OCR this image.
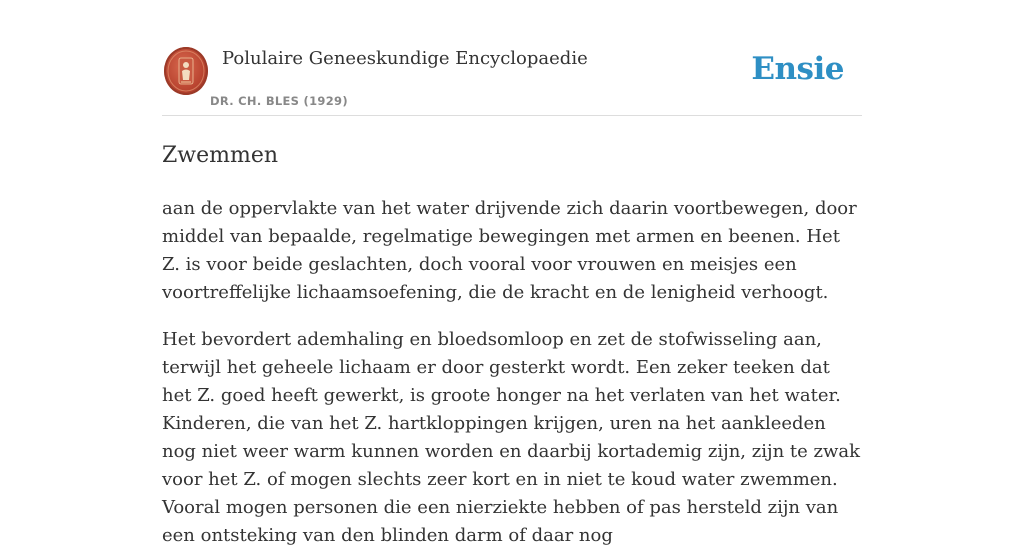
Polulaire Geneeskundige Encyclopaedie
DR. CH. BLES (1929)
Ensie
Zwemmen

aan de oppervlakte van het water drijvende zich daarin voortbewegen, door middel van bepaalde, regelmatige bewegingen met armen en beenen. Het Z. is voor beide geslachten, doch vooral voor vrouwen en meisjes een voortreffelijke lichaamsoefening, die de kracht en de lenigheid verhoogt.

Het bevordert ademhaling en bloedsomloop en zet de stofwisseling aan, terwijl het geheele lichaam er door gesterkt wordt. Een zeker teeken dat het Z. goed heeft gewerkt, is groote honger na het verlaten van het water. Kinderen, die van het Z. hartkloppingen krijgen, uren na het aankleeden nog niet weer warm kunnen worden en daarbij kortademig zijn, zijn te zwak voor het Z. of mogen slechts zeer kort en in niet te koud water zwemmen. Vooral mogen personen die een nierziekte hebben of pas hersteld zijn van een ontsteking van den blinden darm of daar nog
